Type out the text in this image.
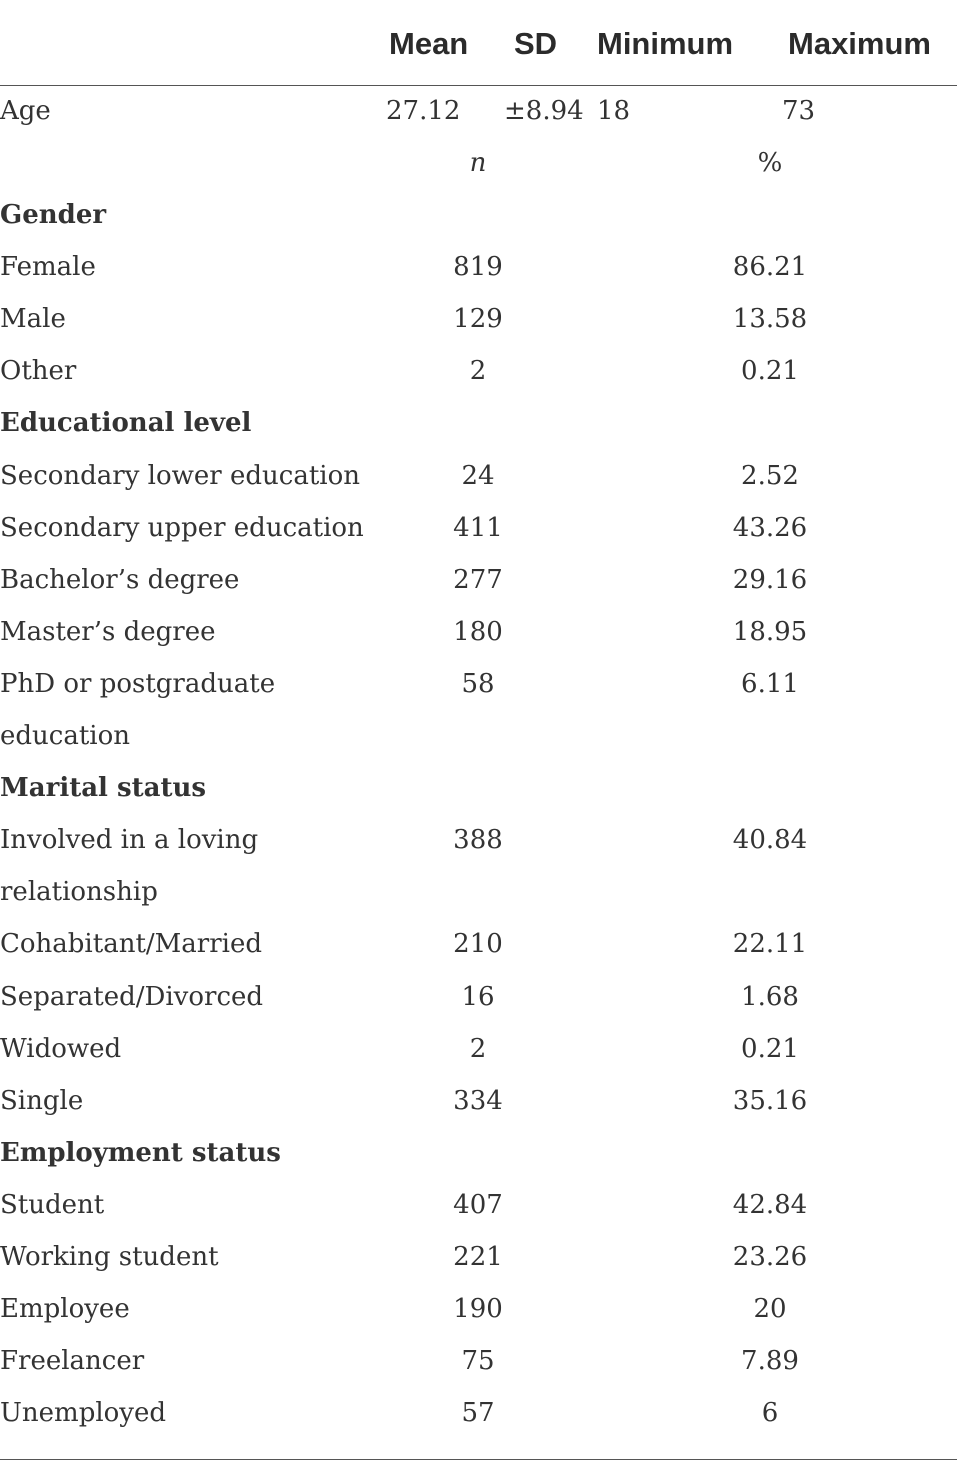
Mean SD Minimum Maximum
Age	27.12 ±8.94 18	73
n	%
Gender
Female	819	86.21
Male	129	13.58
Other	2	0.21
Educational level
Secondary lower education	24	2.52
Secondary upper education	411	43.26
Bachelor’s degree	277	29.16
Master’s degree	180	18.95
PhD or postgraduate	58	6.11
education
Marital status
Involved in a loving	388	40.84
relationship
Cohabitant/Married	210	22.11
Separated/Divorced	16	1.68
Widowed	2	0.21
Single	334	35.16
Employment status
Student	407	42.84
Working student	221	23.26
Employee	190	20
Freelancer	75	7.89
Unemployed	57	6
